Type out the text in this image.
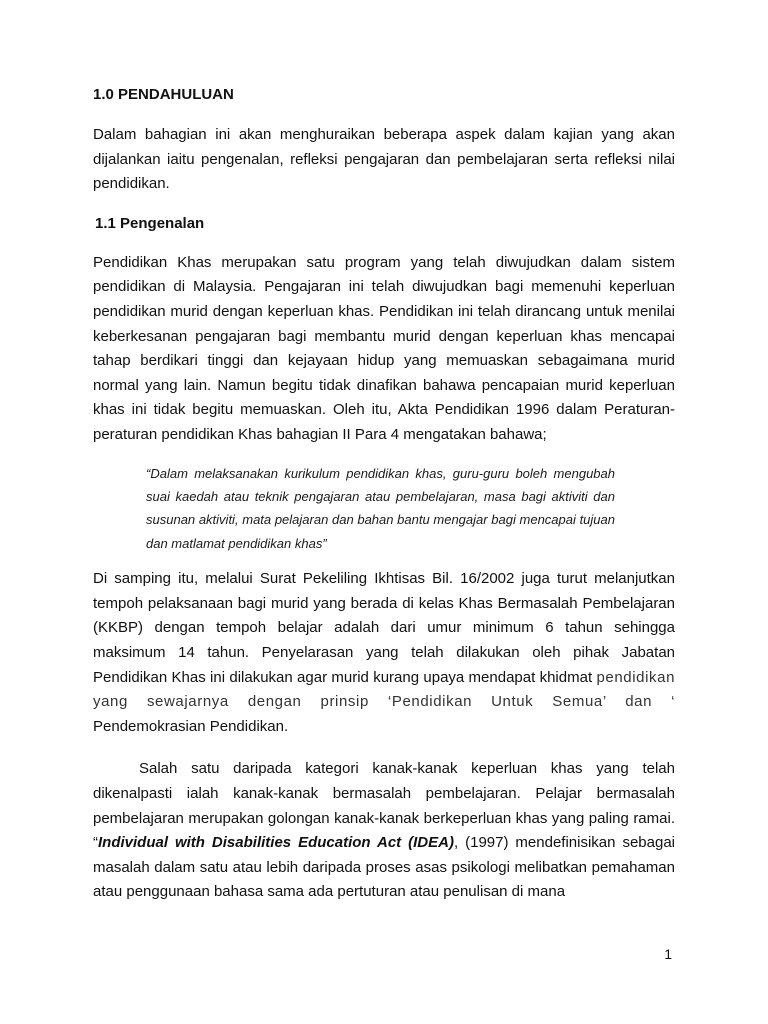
1.0 PENDAHULUAN

Dalam bahagian ini akan menghuraikan beberapa aspek dalam kajian yang akan dijalankan iaitu pengenalan, refleksi pengajaran dan pembelajaran serta refleksi nilai pendidikan.

1.1 Pengenalan

Pendidikan Khas merupakan satu program yang telah diwujudkan dalam sistem pendidikan di Malaysia. Pengajaran ini telah diwujudkan bagi memenuhi keperluan pendidikan murid dengan keperluan khas. Pendidikan ini telah dirancang untuk menilai keberkesanan pengajaran bagi membantu murid dengan keperluan khas mencapai tahap berdikari tinggi dan kejayaan hidup yang memuaskan sebagaimana murid normal yang lain. Namun begitu tidak dinafikan bahawa pencapaian murid keperluan khas ini tidak begitu memuaskan. Oleh itu, Akta Pendidikan 1996 dalam Peraturan-peraturan pendidikan Khas bahagian II Para 4 mengatakan bahawa;

“Dalam melaksanakan kurikulum pendidikan khas, guru-guru boleh mengubah suai kaedah atau teknik pengajaran atau pembelajaran, masa bagi aktiviti dan susunan aktiviti, mata pelajaran dan bahan bantu mengajar bagi mencapai tujuan dan matlamat pendidikan khas”

Di samping itu, melalui Surat Pekeliling Ikhtisas Bil. 16/2002 juga turut melanjutkan tempoh pelaksanaan bagi murid yang berada di kelas Khas Bermasalah Pembelajaran (KKBP) dengan tempoh belajar adalah dari umur minimum 6 tahun sehingga maksimum 14 tahun. Penyelarasan yang telah dilakukan oleh pihak Jabatan Pendidikan Khas ini dilakukan agar murid kurang upaya mendapat khidmat pendidikan yang sewajarnya dengan prinsip ‘Pendidikan Untuk Semua’ dan ‘ Pendemokrasian Pendidikan.

Salah satu daripada kategori kanak-kanak keperluan khas yang telah dikenalpasti ialah kanak-kanak bermasalah pembelajaran. Pelajar bermasalah pembelajaran merupakan golongan kanak-kanak berkeperluan khas yang paling ramai. “Individual with Disabilities Education Act (IDEA), (1997) mendefinisikan sebagai masalah dalam satu atau lebih daripada proses asas psikologi melibatkan pemahaman atau penggunaan bahasa sama ada pertuturan atau penulisan di mana

1
